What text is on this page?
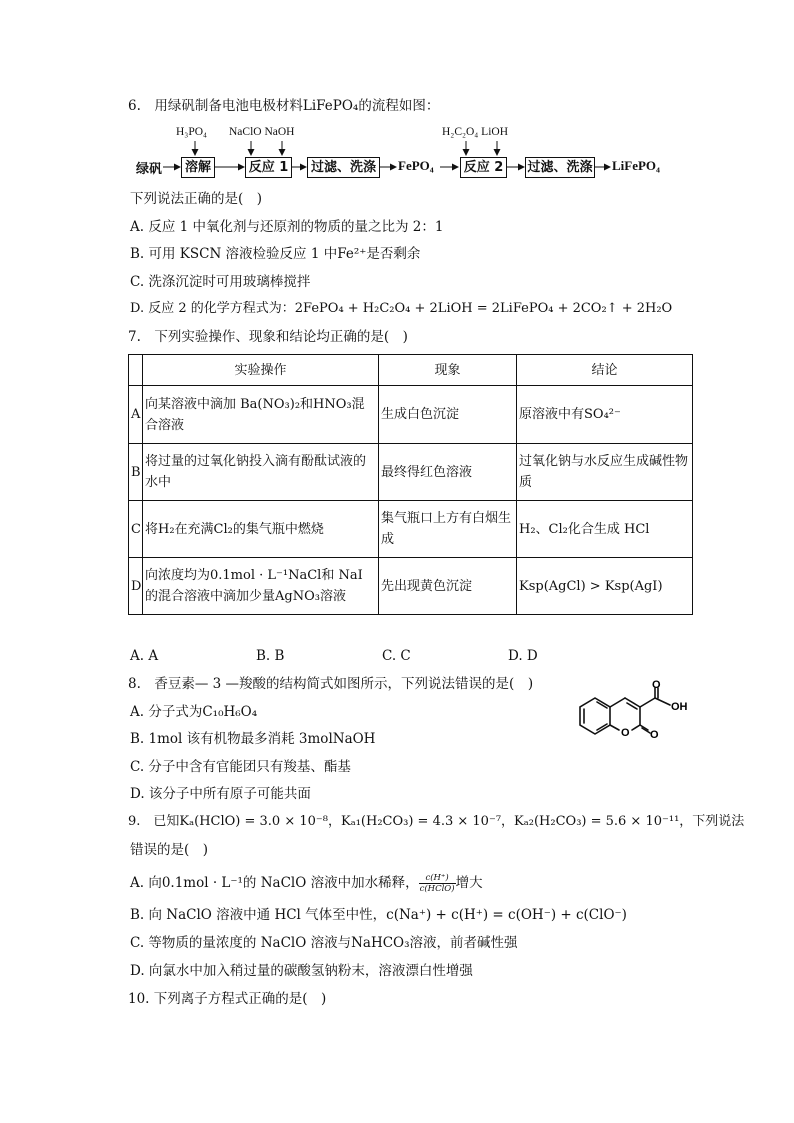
6.　用绿矾制备电池电极材料LiFePO₄的流程如图：
H₃PO₄ NaClO NaOH	H₂C₂O₄ LiOH
绿矾	溶解	反应 1	过滤、洗涤	FePO₄ 反应 2 过滤、洗涤 LiFePO₄
下列说法正确的是(　)
A. 反应 1 中氧化剂与还原剂的物质的量之比为 2：1
B. 可用 KSCN 溶液检验反应 1 中Fe²⁺是否剩余
C. 洗涤沉淀时可用玻璃棒搅拌
D. 反应 2 的化学方程式为：2FePO₄ + H₂C₂O₄ + 2LiOH = 2LiFePO₄ + 2CO₂↑ + 2H₂O
7.　下列实验操作、现象和结论均正确的是(　)
	实验操作	现象	结论
A	向某溶液中滴加 Ba(NO₃)₂和HNO₃混合溶液	生成白色沉淀	原溶液中有SO₄²⁻
B	将过量的过氧化钠投入滴有酚酞试液的水中	最终得红色溶液	过氧化钠与水反应生成碱性物质
C	将H₂在充满Cl₂的集气瓶中燃烧	集气瓶口上方有白烟生成	H₂、Cl₂化合生成 HCl
D	向浓度均为0.1mol · L⁻¹NaCl和 NaI 的混合溶液中滴加少量AgNO₃溶液	先出现黄色沉淀	Ksp(AgCl) > Ksp(AgI)
A. A	B. B	C. C	D. D
8.　香豆素— 3 —羧酸的结构简式如图所示，下列说法错误的是(　)
A. 分子式为C₁₀H₆O₄
B. 1mol 该有机物最多消耗 3molNaOH
C. 分子中含有官能团只有羧基、酯基
D. 该分子中所有原子可能共面
O
OH
O O
9.　已知Kₐ(HClO) = 3.0 × 10⁻⁸，Kₐ₁(H₂CO₃) = 4.3 × 10⁻⁷，Kₐ₂(H₂CO₃) = 5.6 × 10⁻¹¹，下列说法
错误的是(　)
A. 向0.1mol · L⁻¹的 NaClO 溶液中加水稀释， $\frac{c(H^+)}{\text{c(HClO)}}$ 增大
B. 向 NaClO 溶液中通 HCl 气体至中性，c(Na⁺) + c(H⁺) = c(OH⁻) + c(ClO⁻)
C. 等物质的量浓度的 NaClO 溶液与NaHCO₃溶液，前者碱性强
D. 向氯水中加入稍过量的碳酸氢钠粉末，溶液漂白性增强
10. 下列离子方程式正确的是(　)
